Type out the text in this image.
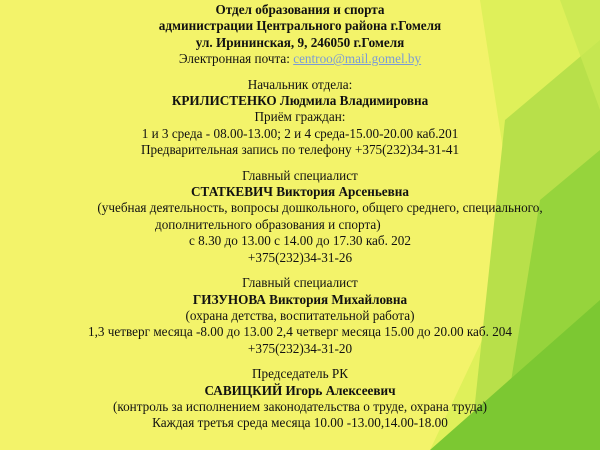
Отдел образования и спорта
администрации Центрального района г.Гомеля
ул. Ирининская, 9, 246050 г.Гомеля
Электронная почта: centroo@mail.gomel.by
Начальник отдела:
КРИЛИСТЕНКО Людмила Владимировна
Приём граждан:
1 и 3 среда - 08.00-13.00; 2 и 4 среда-15.00-20.00 каб.201
Предварительная запись по телефону +375(232)34-31-41
Главный специалист
СТАТКЕВИЧ Виктория Арсеньевна
(учебная деятельность, вопросы дошкольного, общего среднего, специального,
дополнительного образования и спорта)
с 8.30 до 13.00 с 14.00 до 17.30 каб. 202
+375(232)34-31-26
Главный специалист
ГИЗУНОВА Виктория Михайловна
(охрана детства, воспитательной работа)
1,3 четверг месяца -8.00 до 13.00 2,4 четверг месяца 15.00 до 20.00 каб. 204
+375(232)34-31-20
Председатель РК
САВИЦКИЙ Игорь Алексеевич
(контроль за исполнением законодательства о труде, охрана труда)
Каждая третья среда месяца 10.00 -13.00,14.00-18.00
